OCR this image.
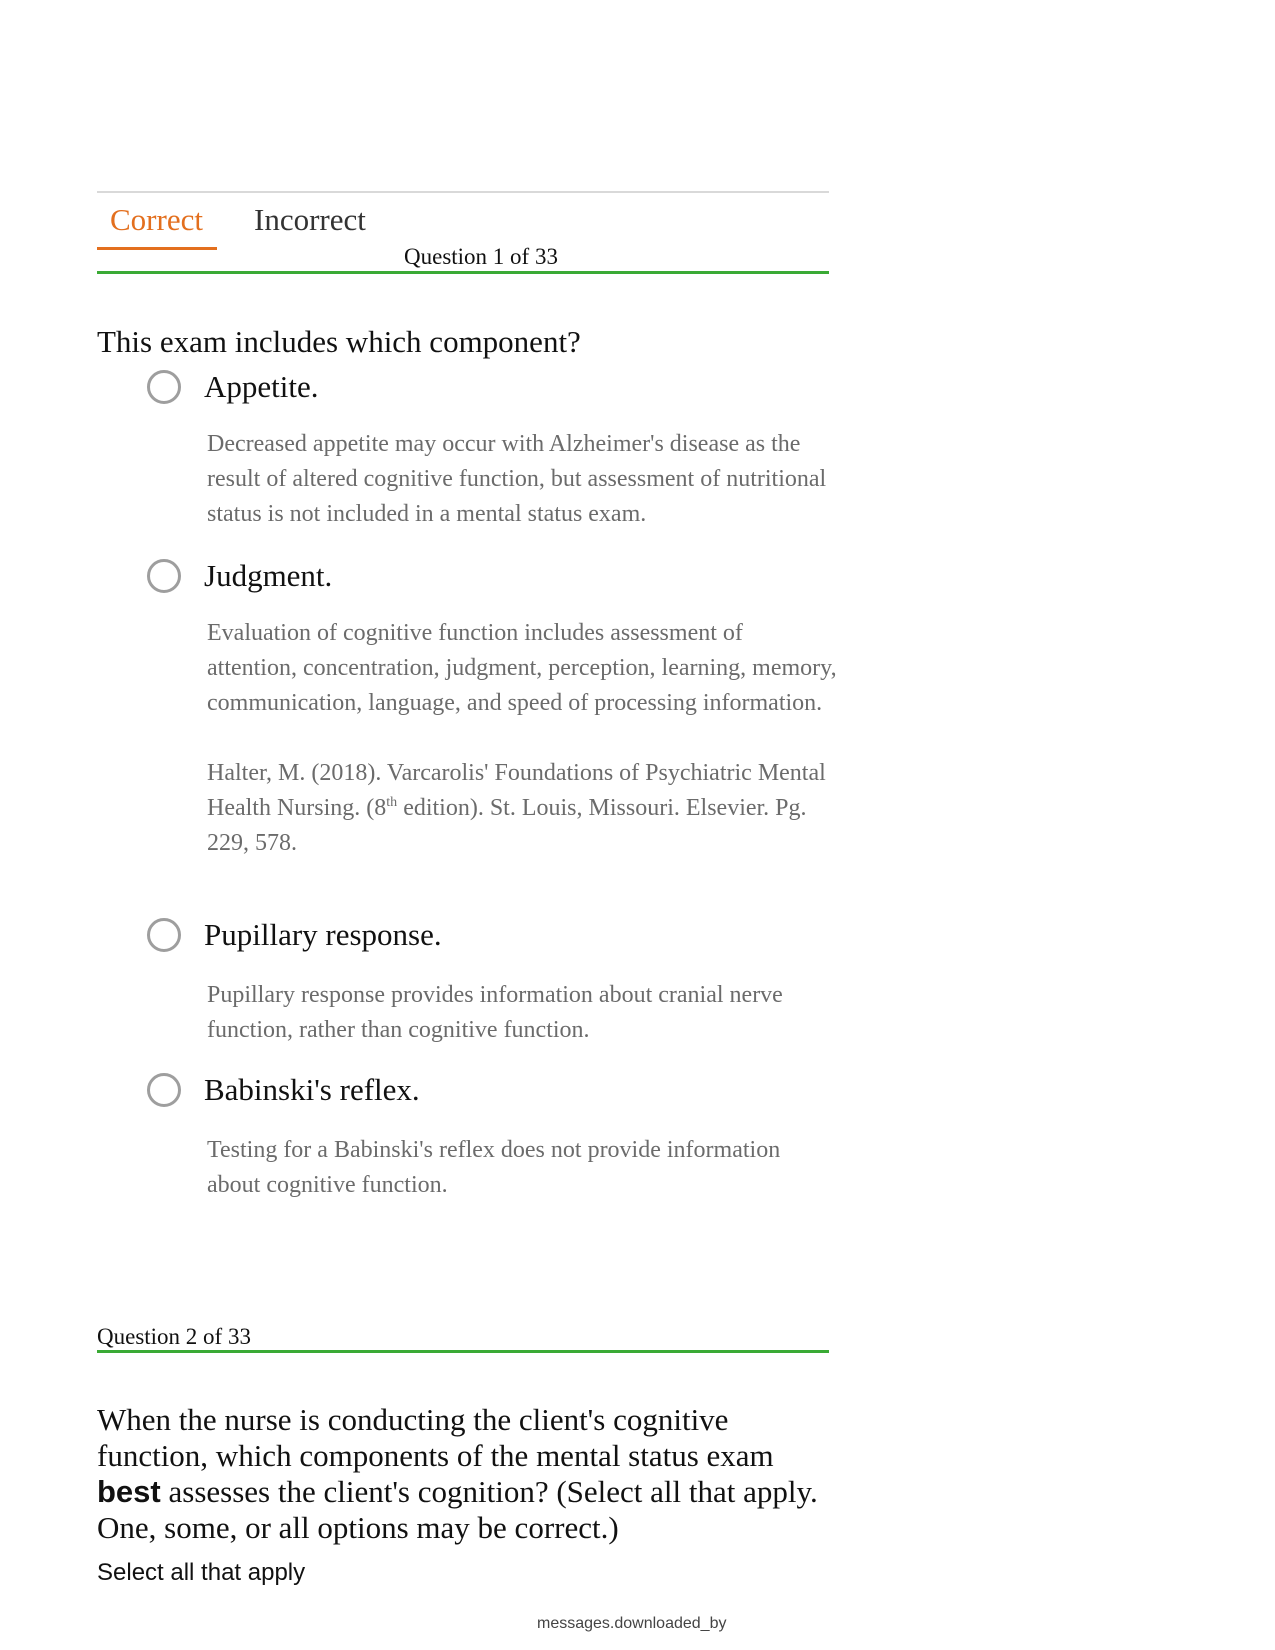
Correct Incorrect
Question 1 of 33
This exam includes which component?
Appetite.

Decreased appetite may occur with Alzheimer's disease as the result of altered cognitive function, but assessment of nutritional status is not included in a mental status exam.

Judgment.

Evaluation of cognitive function includes assessment of attention, concentration, judgment, perception, learning, memory, communication, language, and speed of processing information.

Halter, M. (2018). Varcarolis' Foundations of Psychiatric Mental Health Nursing. (8th edition). St. Louis, Missouri. Elsevier. Pg. 229, 578.

Pupillary response.

Pupillary response provides information about cranial nerve function, rather than cognitive function.

Babinski's reflex.

Testing for a Babinski's reflex does not provide information about cognitive function.

Question 2 of 33
When the nurse is conducting the client's cognitive function, which components of the mental status exam best assesses the client's cognition? (Select all that apply. One, some, or all options may be correct.)
Select all that apply
messages.downloaded_by
